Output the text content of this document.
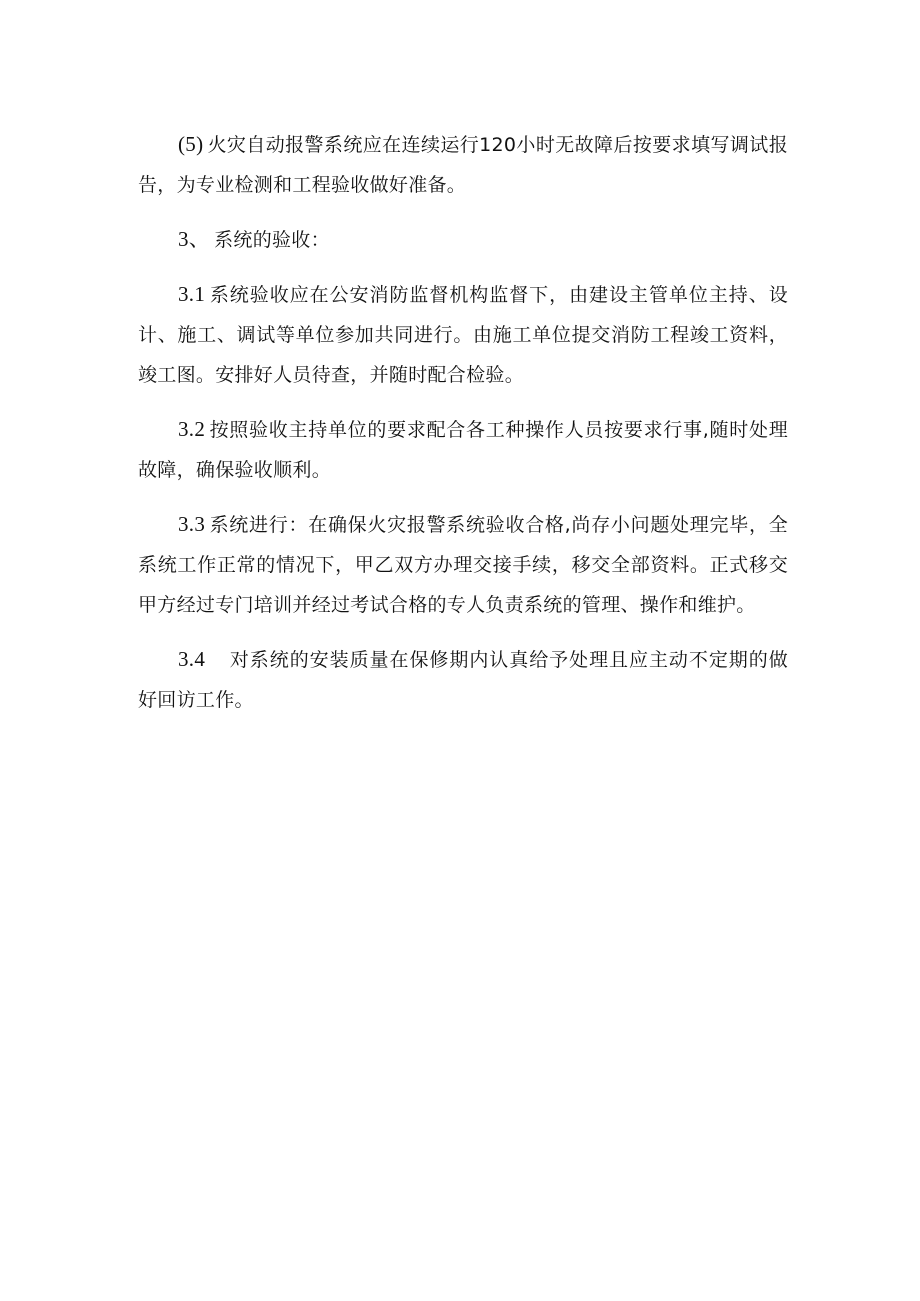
(5) 火灾自动报警系统应在连续运行120小时无故障后按要求填写调试报告，为专业检测和工程验收做好准备。

3、 系统的验收：

3.1 系统验收应在公安消防监督机构监督下，由建设主管单位主持、设计、施工、调试等单位参加共同进行。由施工单位提交消防工程竣工资料，竣工图。安排好人员待查，并随时配合检验。

3.2 按照验收主持单位的要求配合各工种操作人员按要求行事,随时处理故障，确保验收顺利。

3.3 系统进行：在确保火灾报警系统验收合格,尚存小问题处理完毕，全系统工作正常的情况下，甲乙双方办理交接手续，移交全部资料。正式移交甲方经过专门培训并经过考试合格的专人负责系统的管理、操作和维护。

3.4 对系统的安装质量在保修期内认真给予处理且应主动不定期的做好回访工作。
